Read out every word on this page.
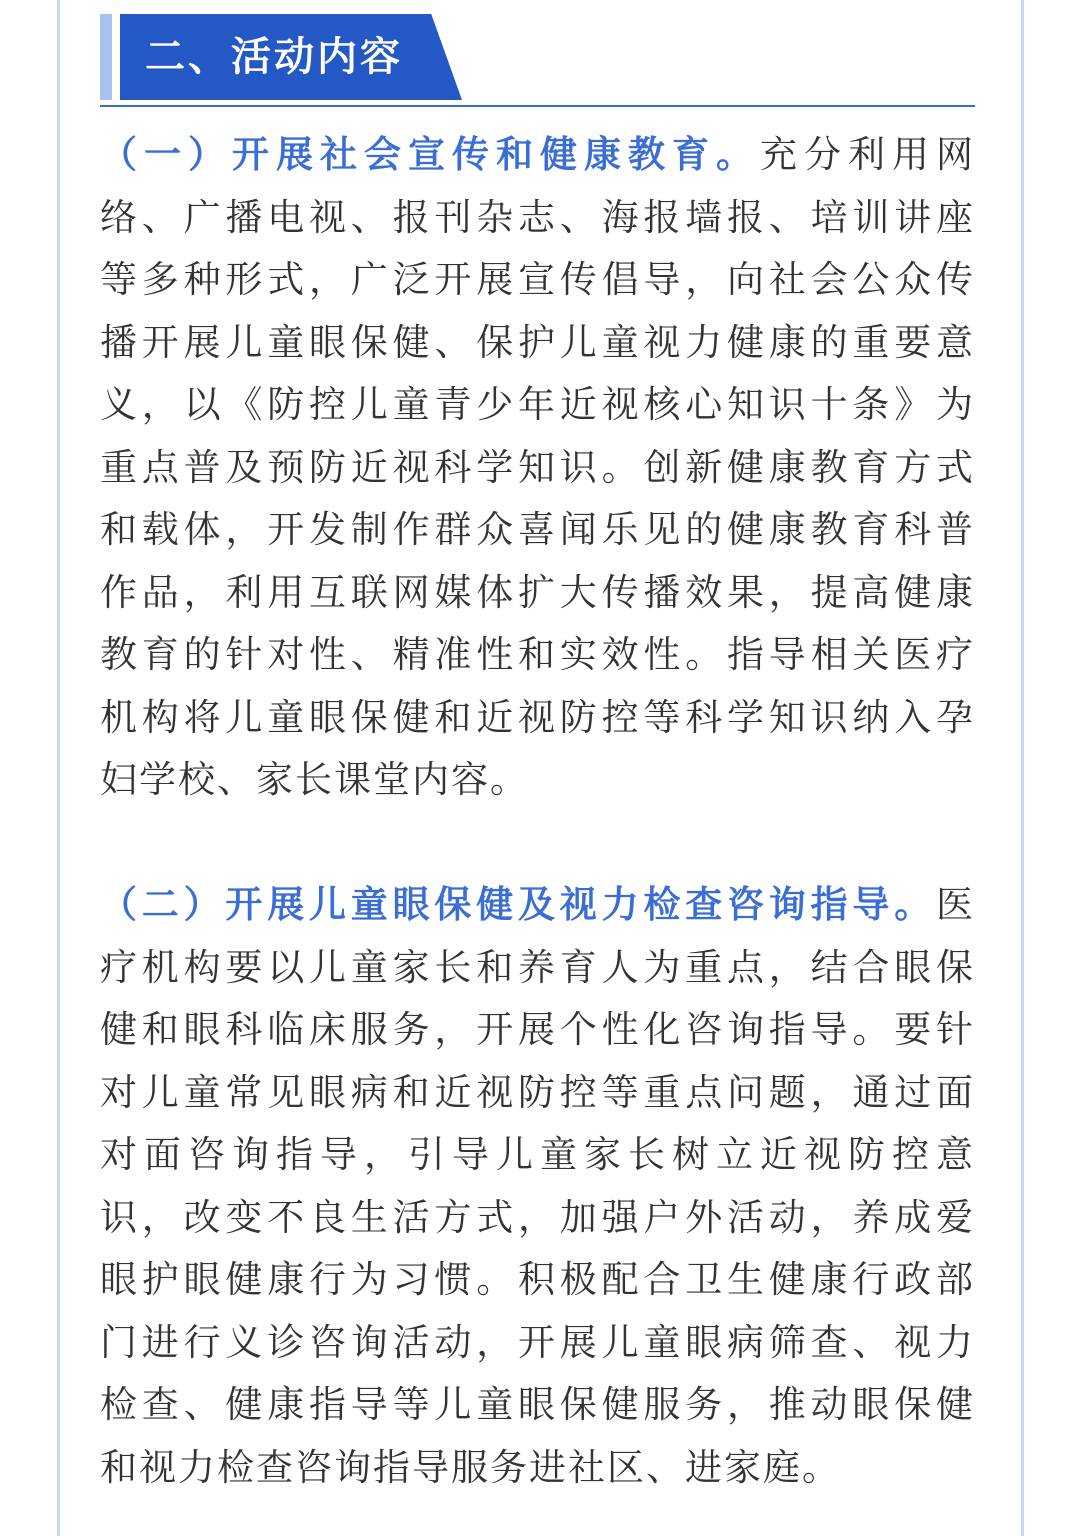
二、活动内容
（一）开展社会宣传和健康教育。充分利用网
络、广播电视、报刊杂志、海报墙报、培训讲座
等多种形式，广泛开展宣传倡导，向社会公众传
播开展儿童眼保健、保护儿童视力健康的重要意
义，以《防控儿童青少年近视核心知识十条》为
重点普及预防近视科学知识。创新健康教育方式
和载体，开发制作群众喜闻乐见的健康教育科普
作品，利用互联网媒体扩大传播效果，提高健康
教育的针对性、精准性和实效性。指导相关医疗
机构将儿童眼保健和近视防控等科学知识纳入孕
妇学校、家长课堂内容。
（二）开展儿童眼保健及视力检查咨询指导。医
疗机构要以儿童家长和养育人为重点，结合眼保
健和眼科临床服务，开展个性化咨询指导。要针
对儿童常见眼病和近视防控等重点问题，通过面
对面咨询指导，引导儿童家长树立近视防控意
识，改变不良生活方式，加强户外活动，养成爱
眼护眼健康行为习惯。积极配合卫生健康行政部
门进行义诊咨询活动，开展儿童眼病筛查、视力
检查、健康指导等儿童眼保健服务，推动眼保健
和视力检查咨询指导服务进社区、进家庭。
